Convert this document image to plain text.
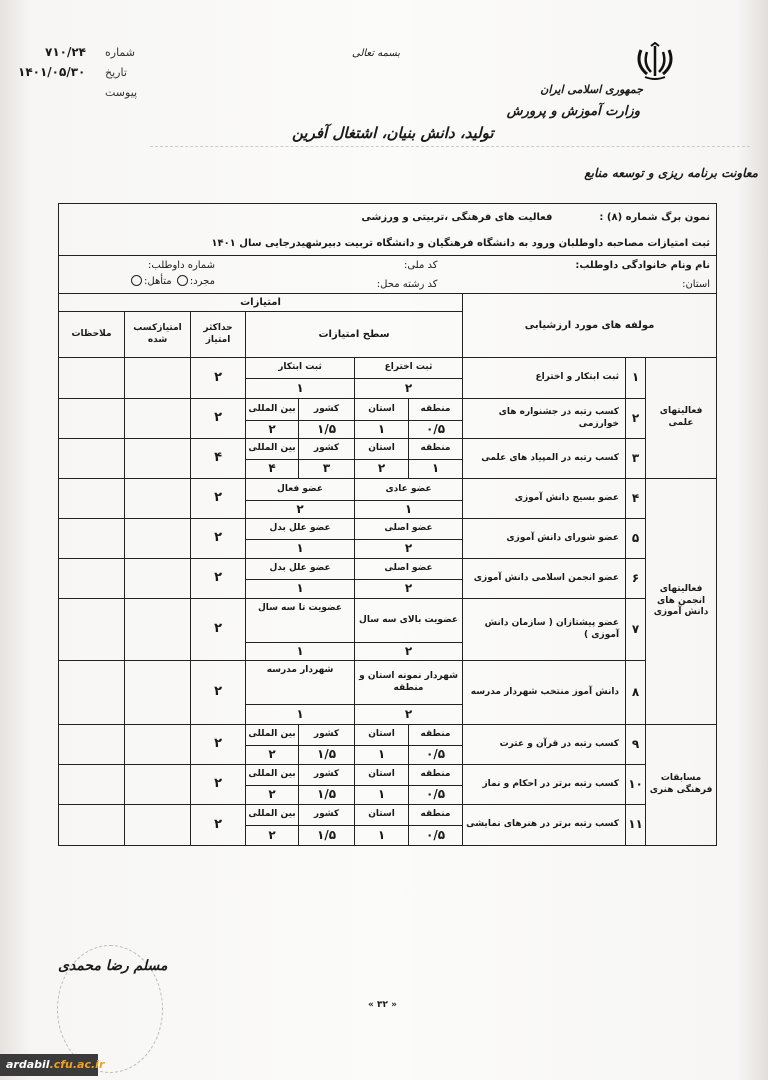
شماره
۷۱۰/۲۴
تاریخ
۱۴۰۱/۰۵/۳۰
پیوست
بسمه تعالی
جمهوری اسلامی ایران
وزارت آموزش و پرورش
تولید، دانش بنیان، اشتغال آفرین
معاونت برنامه ریزی و توسعه منابع
نمون برگ شماره (۸) :  فعالیت های فرهنگی ،تربیتی و ورزشی									
ثبت امتیازات مصاحبه داوطلبان ورود به دانشگاه فرهنگیان و دانشگاه تربیت دبیرشهیدرجایی سال ۱۴۰۱									

نام ونام خانوادگی داوطلب:
استان:
کد ملی:
کد رشته محل:
شماره داوطلب:
مجرد: متأهل:

مولفه های مورد ارزشیابی			امتیازات						
			سطح امتیازات				حداکثر امتیاز	امتیازکسب شده	ملاحظات
فعالیتهای علمی	۱	ثبت ابتکار و اختراع	ثبت اختراع		ثبت ابتکار		۲		
			۲		۱				
	۲	کسب رتبه در جشنواره های خوارزمی	منطقه	استان	کشور	بین المللی	۲		
			۰/۵	۱	۱/۵	۲			
	۳	کسب رتبه در المپیاد های علمی	منطقه	استان	کشور	بین المللی	۴		
			۱	۲	۳	۴			
فعالیتهای انجمن های دانش آموزی	۴	عضو بسیج دانش آموزی	عضو عادی		عضو فعال		۲		
			۱		۲				
	۵	عضو شورای دانش آموزی	عضو اصلی		عضو علل بدل		۲		
			۲		۱				
	۶	عضو انجمن اسلامی دانش آموزی	عضو اصلی		عضو علل بدل		۲		
			۲		۱				
	۷	عضو پیشتازان ( سازمان دانش آموزی )	عضویت بالای سه سال		عضویت تا سه سال		۲		
			۲		۱				
	۸	دانش آموز منتخب شهردار مدرسه	شهردار نمونه استان و منطقه		شهردار مدرسه		۲		
			۲		۱				
مسابقات فرهنگی هنری	۹	کسب رتبه در قرآن و عترت	منطقه	استان	کشور	بین المللی	۲		
			۰/۵	۱	۱/۵	۲			
	۱۰	کسب رتبه برتر در احکام و نماز	منطقه	استان	کشور	بین المللی	۲		
			۰/۵	۱	۱/۵	۲			
	۱۱	کسب رتبه برتر در هنرهای نمایشی	منطقه	استان	کشور	بین المللی	۲		
			۰/۵	۱	۱/۵	۲			
مسلم رضا محمدی
« ۳۲ »
ardabil.cfu.ac.ir
